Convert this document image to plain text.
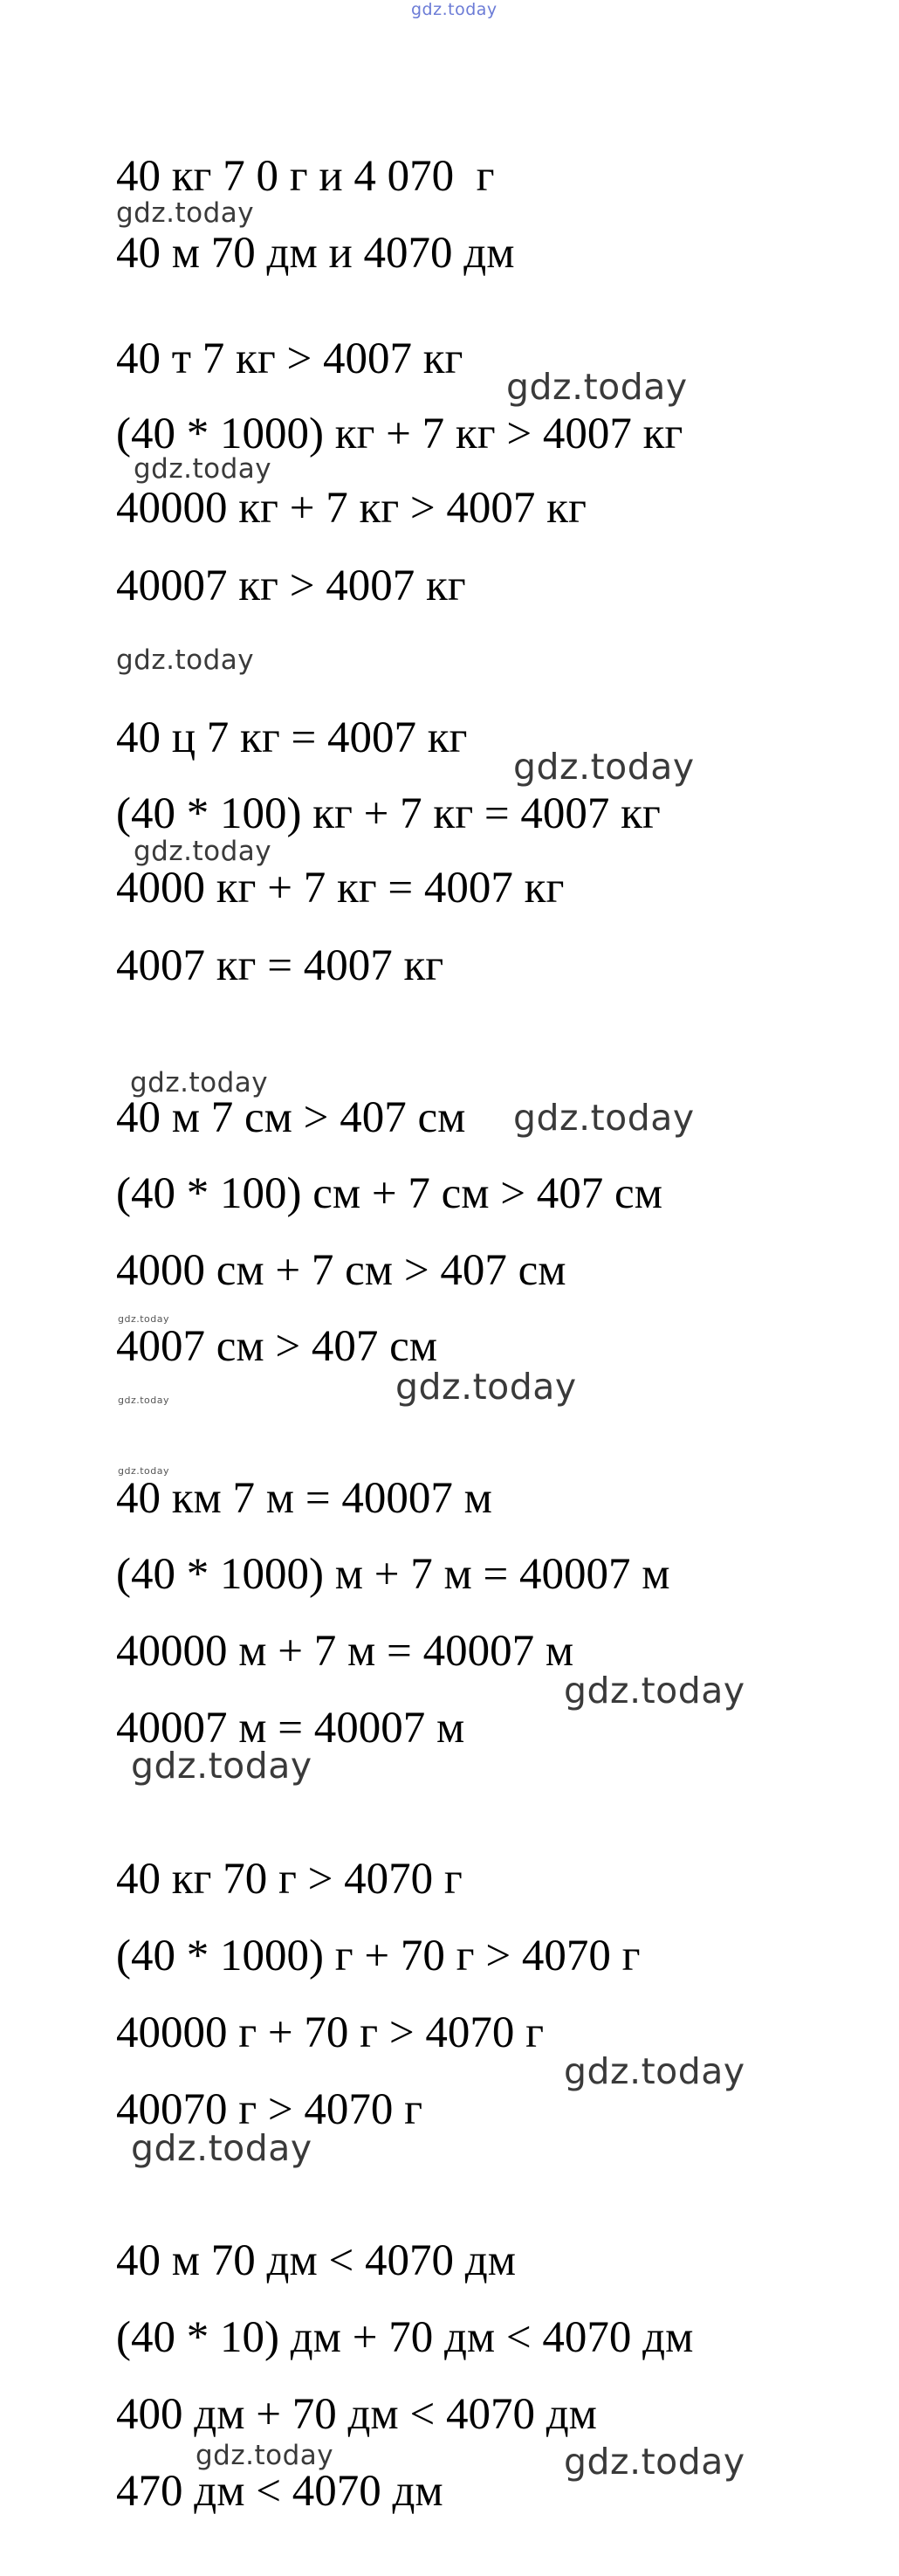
gdz.today
40 кг 7 0 г и 4 070  г
40 м 70 дм и 4070 дм
40 т 7 кг > 4007 кг
(40 * 1000) кг + 7 кг > 4007 кг
40000 кг + 7 кг > 4007 кг
40007 кг > 4007 кг
40 ц 7 кг = 4007 кг
(40 * 100) кг + 7 кг = 4007 кг
4000 кг + 7 кг = 4007 кг
4007 кг = 4007 кг
40 м 7 см > 407 см
(40 * 100) см + 7 см > 407 см
4000 см + 7 см > 407 см
4007 см > 407 см
40 км 7 м = 40007 м
(40 * 1000) м + 7 м = 40007 м
40000 м + 7 м = 40007 м
40007 м = 40007 м
40 кг 70 г > 4070 г
(40 * 1000) г + 70 г > 4070 г
40000 г + 70 г > 4070 г
40070 г > 4070 г
40 м 70 дм < 4070 дм
(40 * 10) дм + 70 дм < 4070 дм
400 дм + 70 дм < 4070 дм
470 дм < 4070 дм
gdz.today
gdz.today
gdz.today
gdz.today
gdz.today
gdz.today
gdz.today
gdz.today
gdz.today
gdz.today
gdz.today
gdz.today
gdz.today
gdz.today
gdz.today
gdz.today
gdz.today	gdz.today
